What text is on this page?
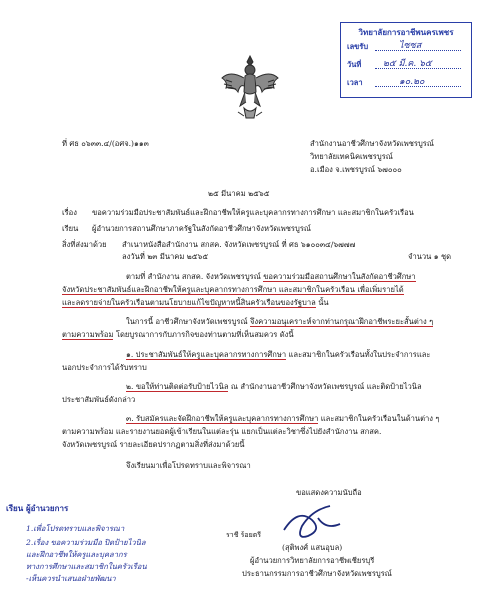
วิทยาลัยการอาชีพนครเพชร
เลขรับ	ไซซส
วันที่ ๒๕ มี.ค. ๖๕
เวลา	๑๐.๒๐
ที่ ศธ ๐๖๓๓.๔/(อศจ.)๑๑๓	สำนักงานอาชีวศึกษาจังหวัดเพชรบูรณ์
วิทยาลัยเทคนิคเพชรบูรณ์
อ.เมือง จ.เพชรบูรณ์ ๖๗๐๐๐
๒๕ มีนาคม ๒๕๖๕
เรื่อง ขอความร่วมมือประชาสัมพันธ์และฝึกอาชีพให้ครูและบุคลากรทางการศึกษา และสมาชิกในครัวเรือน
เรียน ผู้อำนวยการสถานศึกษาภาครัฐในสังกัดอาชีวศึกษาจังหวัดเพชรบูรณ์
สิ่งที่ส่งมาด้วย สำเนาหนังสือสำนักงาน สกสค. จังหวัดเพชรบูรณ์ ที่ ศธ ๖๑๐๐๓๔/๖๗๗๗
ลงวันที่ ๒๓ มีนาคม ๒๕๖๕	จำนวน ๑ ชุด
ตามที่ สำนักงาน สกสค. จังหวัดเพชรบูรณ์ ขอความร่วมมือสถานศึกษาในสังกัดอาชีวศึกษา
จังหวัดประชาสัมพันธ์และฝึกอาชีพให้ครูและบุคลากรทางการศึกษา และสมาชิกในครัวเรือน เพื่อเพิ่มรายได้
และลดรายจ่ายในครัวเรือนตามนโยบายแก้ไขปัญหาหนี้สินครัวเรือนของรัฐบาล นั้น
ในการนี้ อาชีวศึกษาจังหวัดเพชรบูรณ์ จึงความอนุเคราะห์จากท่านกรุณาฝึกอาชีพระยะสั้นต่าง ๆ
ตามความพร้อม โดยบูรณาการกับภารกิจของท่านตามที่เห็นสมควร ดังนี้
๑. ประชาสัมพันธ์ให้ครูและบุคลากรทางการศึกษา และสมาชิกในครัวเรือนทั้งในประจำการและ
นอกประจำการได้รับทราบ
๒. ขอให้ท่านติดต่อรับป้ายไวนิล ณ สำนักงานอาชีวศึกษาจังหวัดเพชรบูรณ์ และติดป้ายไวนิล
ประชาสัมพันธ์ดังกล่าว
๓. รับสมัครและจัดฝึกอาชีพให้ครูและบุคลากรทางการศึกษา และสมาชิกในครัวเรือนในด้านต่าง ๆ
ตามความพร้อม และรายงานยอดผู้เข้าเรียนในแต่ละรุ่น แยกเป็นแต่ละวิชาซึ่งไปยังสำนักงาน สกสค.
จังหวัดเพชรบูรณ์ รายละเอียดปรากฏตามสิ่งที่ส่งมาด้วยนี้
จึงเรียนมาเพื่อโปรดทราบและพิจารณา
ขอแสดงความนับถือ
ราชี ร้อยตรี
(สุติพงศ์ แสนอุบล)
ผู้อำนวยการวิทยาลัยการอาชีพเชียรบุรี
ประธานกรรมการอาชีวศึกษาจังหวัดเพชรบูรณ์
เรียน ผู้อำนวยการ
1.เพื่อโปรดทราบและพิจารณา
2.เรื่อง ขอความร่วมมือ ปิดป้ายไวนิล
และฝึกอาชีพให้ครูและบุคลากร
ทางการศึกษาและสมาชิกในครัวเรือน
-เห็นควรนำเสนอฝ่ายพัฒนา
